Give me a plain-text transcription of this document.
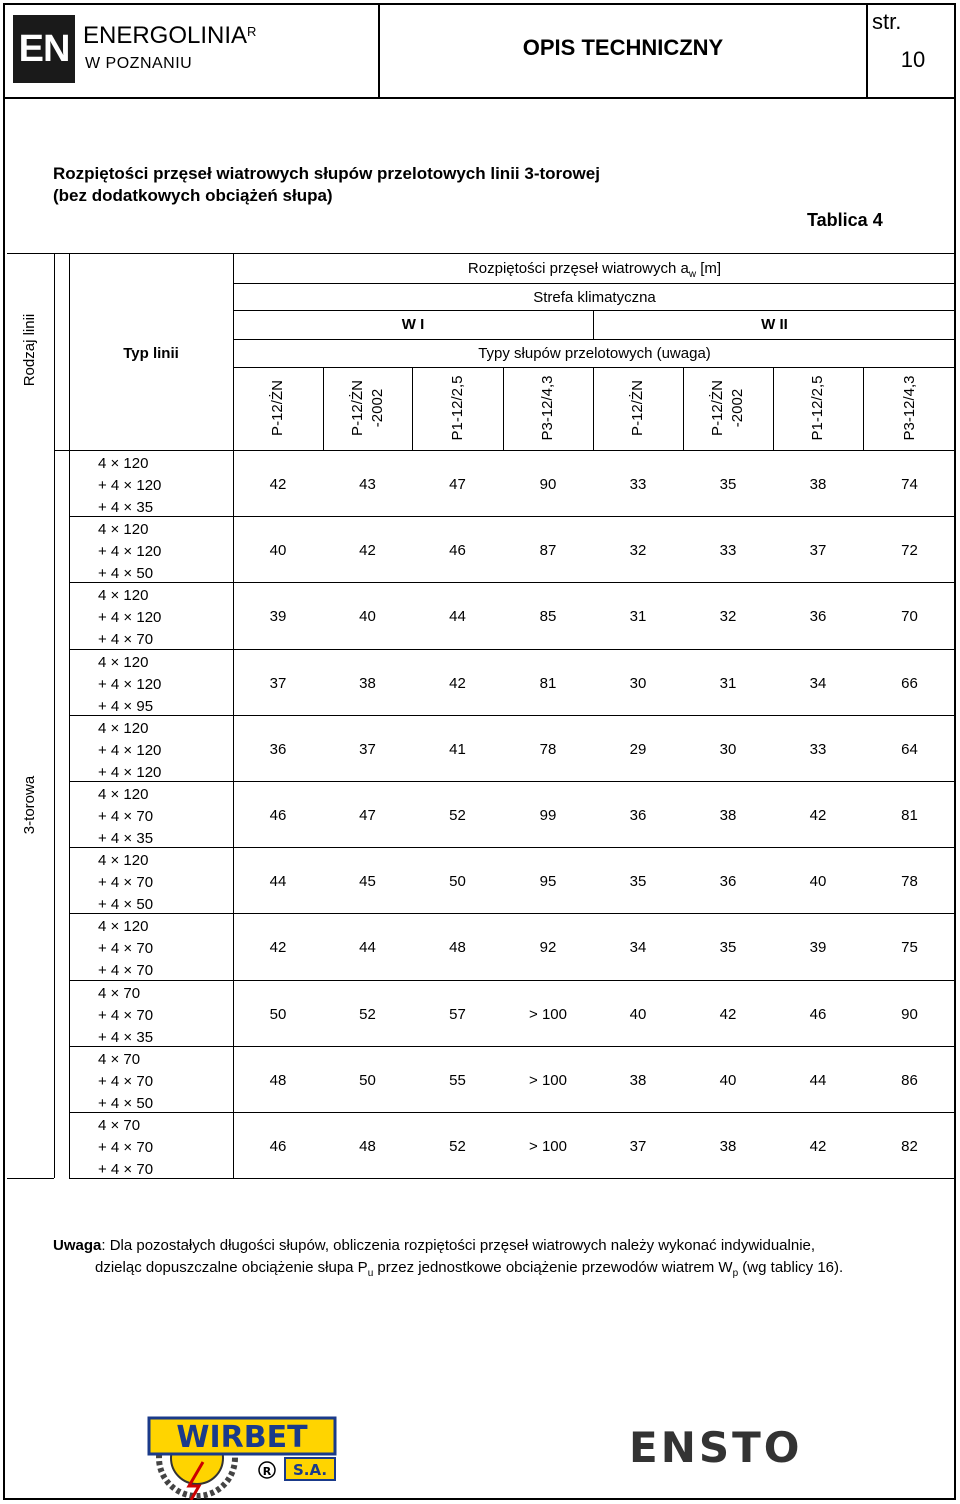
EN $ENERGOLINIA^R$
W POZNANIU
OPIS TECHNICZNY
str.
10
Rozpiętości przęseł wiatrowych słupów przelotowych linii 3-torowej
(bez dodatkowych obciążeń słupa)
Tablica 4
Rozpiętości przęseł wiatrowych $a_w$ [m]
Strefa klimatyczna
W I	W II
Typy słupów przelotowych (uwaga)
Typ linii
Rodzaj linii
3-torowa
P-12/ŻN	P-12/ŻN -2002	P1-12/2,5	P3-12/4,3	P-12/ŻN	P-12/ŻN -2002	P1-12/2,5	P3-12/4,3
4 × 120
+ 4 × 120
+ 4 × 35
42	43	47	90	33	35	38	74
4 × 120
+ 4 × 120
+ 4 × 50
40	42	46	87	32	33	37	72
4 × 120
+ 4 × 120
+ 4 × 70
39	40	44	85	31	32	36	70
4 × 120
+ 4 × 120
+ 4 × 95
37	38	42	81	30	31	34	66
4 × 120
+ 4 × 120
+ 4 × 120
36	37	41	78	29	30	33	64
4 × 120
+ 4 × 70
+ 4 × 35
46	47	52	99	36	38	42	81
4 × 120
+ 4 × 70
+ 4 × 50
44	45	50	95	35	36	40	78
4 × 120
+ 4 × 70
+ 4 × 70
42	44	48	92	34	35	39	75
4 × 70
+ 4 × 70
+ 4 × 35
50	52	57	> 100	40	42	46	90
4 × 70
+ 4 × 70
+ 4 × 50
48	50	55	> 100	38	40	44	86
4 × 70
+ 4 × 70
+ 4 × 70
46	48	52	> 100	37	38	42	82
Uwaga: Dla pozostałych długości słupów, obliczenia rozpiętości przęseł wiatrowych należy wykonać indywidualnie,
dzieląc dopuszczalne obciążenie słupa $P_u$ przez jednostkowe obciążenie przewodów wiatrem $W_p$ (wg tablicy 16).
WIRBET
S.A.
R	ENSTO
